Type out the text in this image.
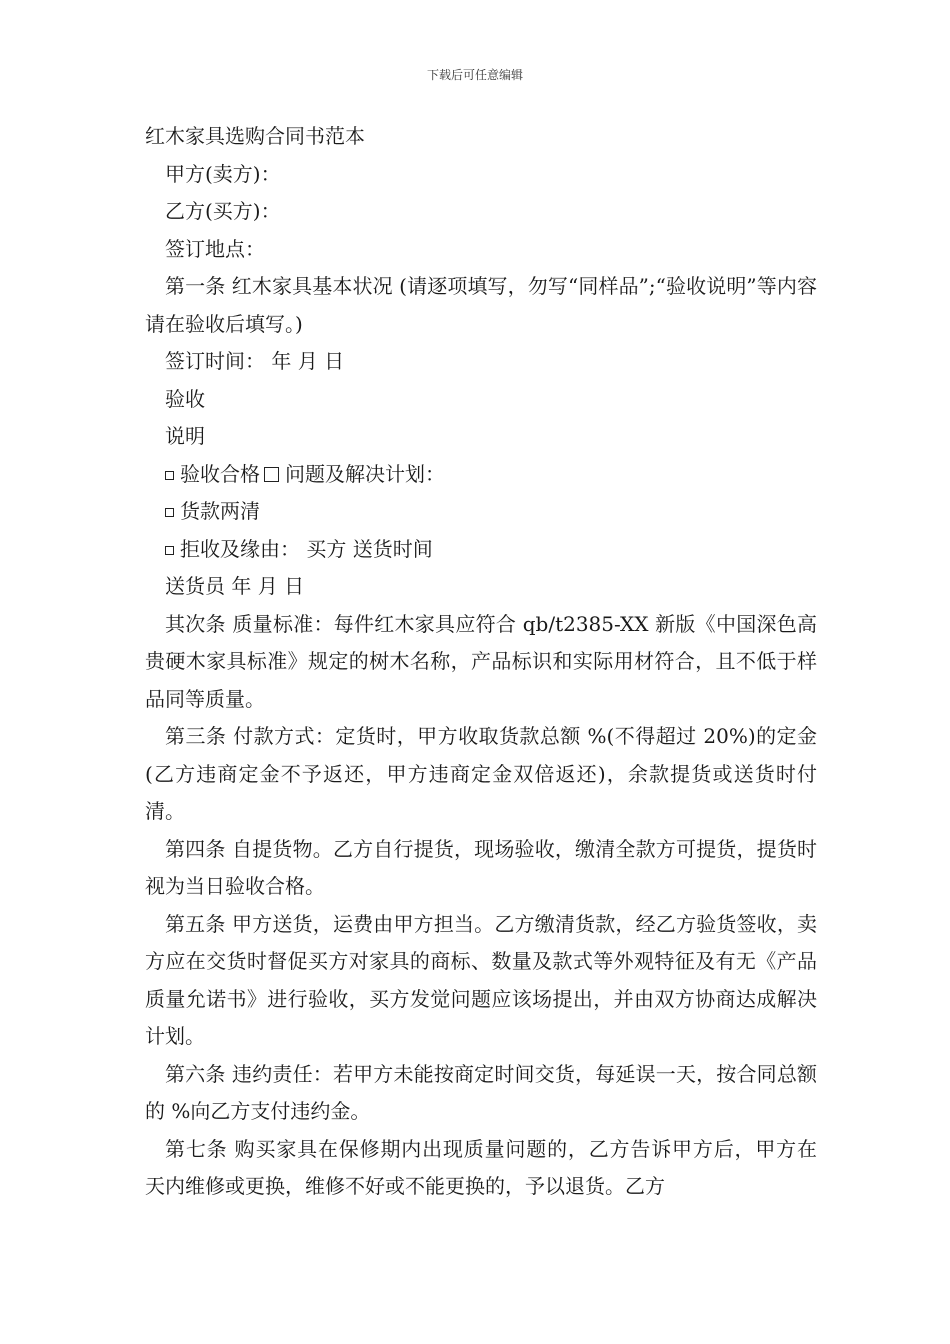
下载后可任意编辑
红木家具选购合同书范本
甲方(卖方)：
乙方(买方)：
签订地点：
第一条 红木家具基本状况 (请逐项填写，勿写“同样品”;“验收说明”等内容请在验收后填写。)
签订时间： 年 月 日
验收
说明
验收合格 问题及解决计划：
货款两清
拒收及缘由： 买方 送货时间
送货员 年 月 日
其次条 质量标准：每件红木家具应符合 qb/t2385-XX 新版《中国深色高贵硬木家具标准》规定的树木名称，产品标识和实际用材符合，且不低于样品同等质量。
第三条 付款方式：定货时，甲方收取货款总额 %(不得超过 20%)的定金(乙方违商定金不予返还，甲方违商定金双倍返还)，余款提货或送货时付清。
第四条 自提货物。乙方自行提货，现场验收，缴清全款方可提货，提货时视为当日验收合格。
第五条 甲方送货，运费由甲方担当。乙方缴清货款，经乙方验货签收，卖方应在交货时督促买方对家具的商标、数量及款式等外观特征及有无《产品质量允诺书》进行验收，买方发觉问题应该场提出，并由双方协商达成解决计划。
第六条 违约责任：若甲方未能按商定时间交货，每延误一天，按合同总额的 %向乙方支付违约金。
第七条 购买家具在保修期内出现质量问题的，乙方告诉甲方后，甲方在 天内维修或更换，维修不好或不能更换的，予以退货。乙方
